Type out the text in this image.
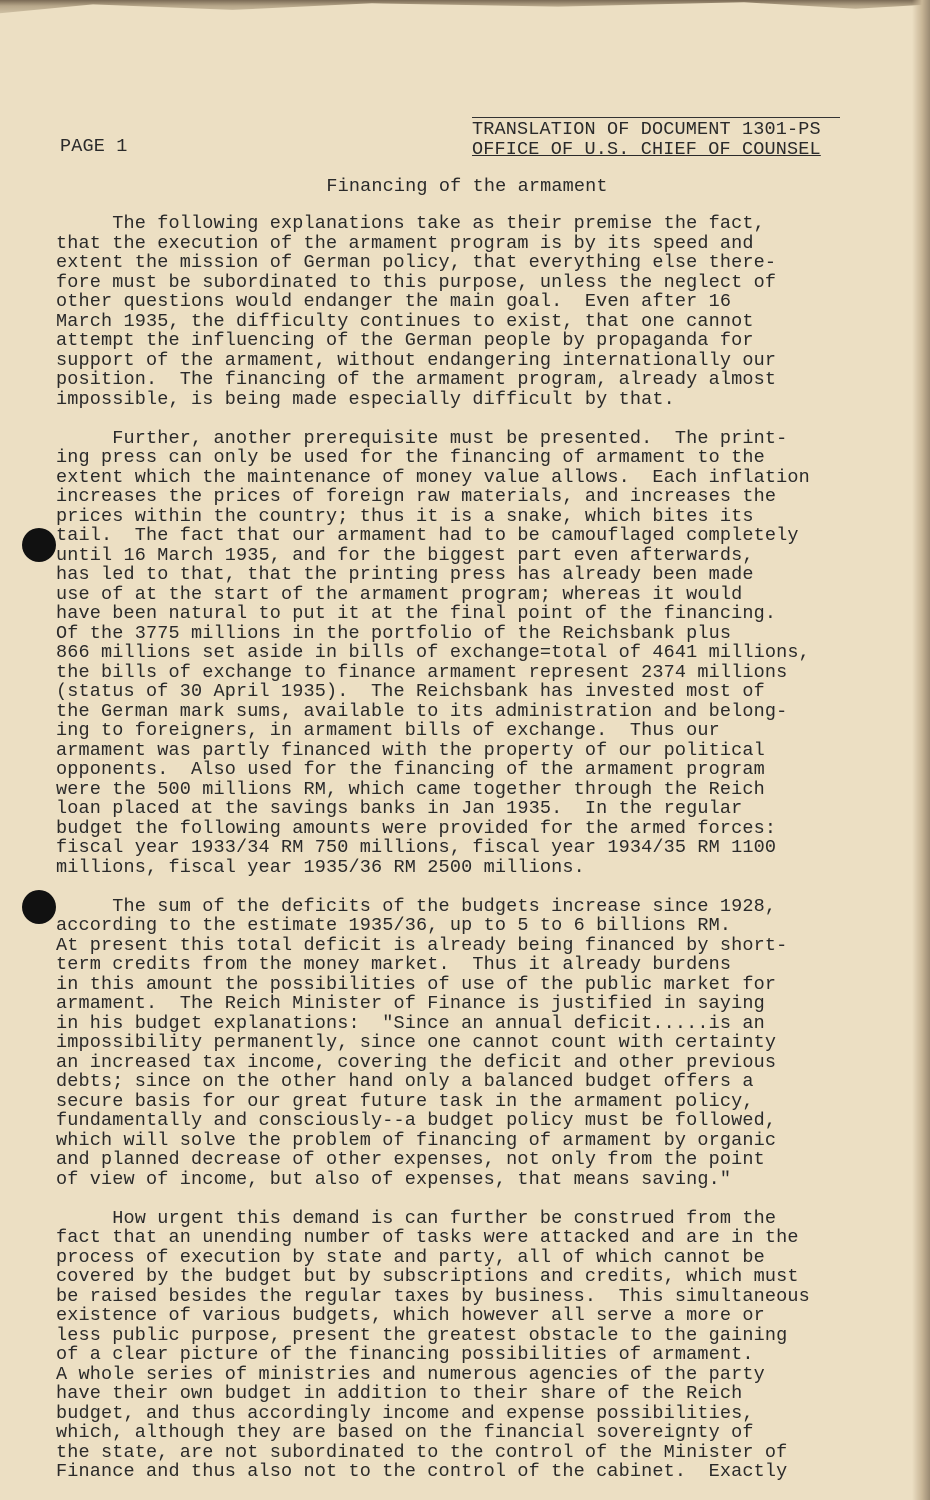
PAGE 1

TRANSLATION OF DOCUMENT 1301-PS
OFFICE OF U.S. CHIEF OF COUNSEL

Financing of the armament

The following explanations take as their premise the fact,
that the execution of the armament program is by its speed and
extent the mission of German policy, that everything else there-
fore must be subordinated to this purpose, unless the neglect of
other questions would endanger the main goal.  Even after 16
March 1935, the difficulty continues to exist, that one cannot
attempt the influencing of the German people by propaganda for
support of the armament, without endangering internationally our
position.  The financing of the armament program, already almost
impossible, is being made especially difficult by that.
Further, another prerequisite must be presented.  The print-
ing press can only be used for the financing of armament to the
extent which the maintenance of money value allows.  Each inflation
increases the prices of foreign raw materials, and increases the
prices within the country; thus it is a snake, which bites its
tail.  The fact that our armament had to be camouflaged completely
until 16 March 1935, and for the biggest part even afterwards,
has led to that, that the printing press has already been made
use of at the start of the armament program; whereas it would
have been natural to put it at the final point of the financing.
Of the 3775 millions in the portfolio of the Reichsbank plus
866 millions set aside in bills of exchange=total of 4641 millions,
the bills of exchange to finance armament represent 2374 millions
(status of 30 April 1935).  The Reichsbank has invested most of
the German mark sums, available to its administration and belong-
ing to foreigners, in armament bills of exchange.  Thus our
armament was partly financed with the property of our political
opponents.  Also used for the financing of the armament program
were the 500 millions RM, which came together through the Reich
loan placed at the savings banks in Jan 1935.  In the regular
budget the following amounts were provided for the armed forces:
fiscal year 1933/34 RM 750 millions, fiscal year 1934/35 RM 1100
millions, fiscal year 1935/36 RM 2500 millions.
The sum of the deficits of the budgets increase since 1928,
according to the estimate 1935/36, up to 5 to 6 billions RM.
At present this total deficit is already being financed by short-
term credits from the money market.  Thus it already burdens
in this amount the possibilities of use of the public market for
armament.  The Reich Minister of Finance is justified in saying
in his budget explanations:  "Since an annual deficit.....is an
impossibility permanently, since one cannot count with certainty
an increased tax income, covering the deficit and other previous
debts; since on the other hand only a balanced budget offers a
secure basis for our great future task in the armament policy,
fundamentally and consciously--a budget policy must be followed,
which will solve the problem of financing of armament by organic
and planned decrease of other expenses, not only from the point
of view of income, but also of expenses, that means saving."
How urgent this demand is can further be construed from the
fact that an unending number of tasks were attacked and are in the
process of execution by state and party, all of which cannot be
covered by the budget but by subscriptions and credits, which must
be raised besides the regular taxes by business.  This simultaneous
existence of various budgets, which however all serve a more or
less public purpose, present the greatest obstacle to the gaining
of a clear picture of the financing possibilities of armament.
A whole series of ministries and numerous agencies of the party
have their own budget in addition to their share of the Reich
budget, and thus accordingly income and expense possibilities,
which, although they are based on the financial sovereignty of
the state, are not subordinated to the control of the Minister of
Finance and thus also not to the control of the cabinet.  Exactly
